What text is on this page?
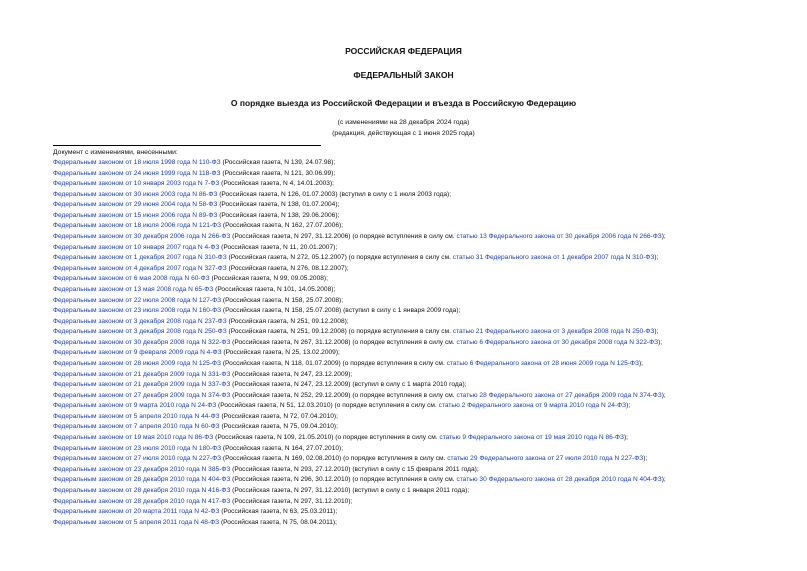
РОССИЙСКАЯ ФЕДЕРАЦИЯ
ФЕДЕРАЛЬНЫЙ ЗАКОН
О порядке выезда из Российской Федерации и въезда в Российскую Федерацию
(с изменениями на 28 декабря 2024 года)
(редакция, действующая с 1 июня 2025 года)
Документ с изменениями, внесенными:
Федеральным законом от 18 июля 1998 года N 110-ФЗ (Российская газета, N 139, 24.07.98);
Федеральным законом от 24 июня 1999 года N 118-ФЗ (Российская газета, N 121, 30.06.99);
Федеральным законом от 10 января 2003 года N 7-ФЗ (Российская газета, N 4, 14.01.2003);
Федеральным законом от 30 июня 2003 года N 86-ФЗ (Российская газета, N 126, 01.07.2003) (вступил в силу с 1 июля 2003 года);
Федеральным законом от 29 июня 2004 года N 58-ФЗ (Российская газета, N 138, 01.07.2004);
Федеральным законом от 15 июня 2006 года N 89-ФЗ (Российская газета, N 138, 29.06.2006);
Федеральным законом от 18 июля 2006 года N 121-ФЗ (Российская газета, N 162, 27.07.2006);
Федеральным законом от 30 декабря 2006 года N 266-ФЗ (Российская газета, N 297, 31.12.2006) (о порядке вступления в силу см. статью 13 Федерального закона от 30 декабря 2006 года N 266-ФЗ);
Федеральным законом от 10 января 2007 года N 4-ФЗ (Российская газета, N 11, 20.01.2007);
Федеральным законом от 1 декабря 2007 года N 310-ФЗ (Российская газета, N 272, 05.12.2007) (о порядке вступления в силу см. статью 31 Федерального закона от 1 декабря 2007 года N 310-ФЗ);
Федеральным законом от 4 декабря 2007 года N 327-ФЗ (Российская газета, N 276, 08.12.2007);
Федеральным законом от 6 мая 2008 года N 60-ФЗ (Российская газета, N 99, 09.05.2008);
Федеральным законом от 13 мая 2008 года N 65-ФЗ (Российская газета, N 101, 14.05.2008);
Федеральным законом от 22 июля 2008 года N 127-ФЗ (Российская газета, N 158, 25.07.2008);
Федеральным законом от 23 июля 2008 года N 160-ФЗ (Российская газета, N 158, 25.07.2008) (вступил в силу с 1 января 2009 года);
Федеральным законом от 3 декабря 2008 года N 237-ФЗ (Российская газета, N 251, 09.12.2008);
Федеральным законом от 3 декабря 2008 года N 250-ФЗ (Российская газета, N 251, 09.12.2008) (о порядке вступления в силу см. статью 21 Федерального закона от 3 декабря 2008 года N 250-ФЗ);
Федеральным законом от 30 декабря 2008 года N 322-ФЗ (Российская газета, N 267, 31.12.2008) (о порядке вступления в силу см. статью 6 Федерального закона от 30 декабря 2008 года N 322-ФЗ);
Федеральным законом от 9 февраля 2009 года N 4-ФЗ (Российская газета, N 25, 13.02.2009);
Федеральным законом от 28 июня 2009 года N 125-ФЗ (Российская газета, N 118, 01.07.2009) (о порядке вступления в силу см. статью 6 Федерального закона от 28 июня 2009 года N 125-ФЗ);
Федеральным законом от 21 декабря 2009 года N 331-ФЗ (Российская газета, N 247, 23.12.2009);
Федеральным законом от 21 декабря 2009 года N 337-ФЗ (Российская газета, N 247, 23.12.2009) (вступил в силу с 1 марта 2010 года);
Федеральным законом от 27 декабря 2009 года N 374-ФЗ (Российская газета, N 252, 29.12.2009) (о порядке вступления в силу см. статью 28 Федерального закона от 27 декабря 2009 года N 374-ФЗ);
Федеральным законом от 9 марта 2010 года N 24-ФЗ (Российская газета, N 51, 12.03.2010) (о порядке вступления в силу см. статью 2 Федерального закона от 9 марта 2010 года N 24-ФЗ);
Федеральным законом от 5 апреля 2010 года N 44-ФЗ (Российская газета, N 72, 07.04.2010);
Федеральным законом от 7 апреля 2010 года N 60-ФЗ (Российская газета, N 75, 09.04.2010);
Федеральным законом от 19 мая 2010 года N 86-ФЗ (Российская газета, N 109, 21.05.2010) (о порядке вступления в силу см. статью 9 Федерального закона от 19 мая 2010 года N 86-ФЗ);
Федеральным законом от 23 июля 2010 года N 180-ФЗ (Российская газета, N 164, 27.07.2010);
Федеральным законом от 27 июля 2010 года N 227-ФЗ (Российская газета, N 169, 02.08.2010) (о порядке вступления в силу см. статью 29 Федерального закона от 27 июля 2010 года N 227-ФЗ);
Федеральным законом от 23 декабря 2010 года N 385-ФЗ (Российская газета, N 293, 27.12.2010) (вступил в силу с 15 февраля 2011 года);
Федеральным законом от 28 декабря 2010 года N 404-ФЗ (Российская газета, N 296, 30.12.2010) (о порядке вступления в силу см. статью 30 Федерального закона от 28 декабря 2010 года N 404-ФЗ);
Федеральным законом от 28 декабря 2010 года N 416-ФЗ (Российская газета, N 297, 31.12.2010) (вступил в силу с 1 января 2011 года);
Федеральным законом от 28 декабря 2010 года N 417-ФЗ (Российская газета, N 297, 31.12.2010);
Федеральным законом от 20 марта 2011 года N 42-ФЗ (Российская газета, N 63, 25.03.2011);
Федеральным законом от 5 апреля 2011 года N 48-ФЗ (Российская газета, N 75, 08.04.2011);
